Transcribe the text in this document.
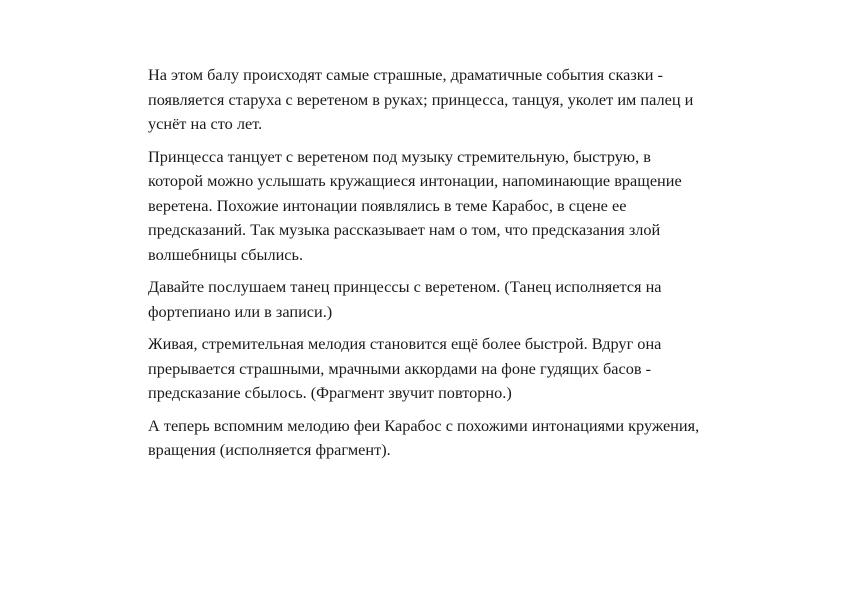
На этом балу происходят самые страшные, драматичные события сказки -
появляется старуха с веретеном в руках; принцесса, танцуя, уколет им палец и
уснёт на сто лет.

Принцесса танцует с веретеном под музыку стремительную, быструю, в
которой можно услышать кружащиеся интонации, напоминающие вращение
веретена. Похожие интонации появлялись в теме Карабос, в сцене ее
предсказаний. Так музыка рассказывает нам о том, что предсказания злой
волшебницы сбылись.

Давайте послушаем танец принцессы с веретеном. (Танец исполняется на
фортепиано или в записи.)

Живая, стремительная мелодия становится ещё более быстрой. Вдруг она
прерывается страшными, мрачными аккордами на фоне гудящих басов -
предсказание сбылось. (Фрагмент звучит повторно.)

А теперь вспомним мелодию феи Карабос с похожими интонациями кружения,
вращения (исполняется фрагмент).
